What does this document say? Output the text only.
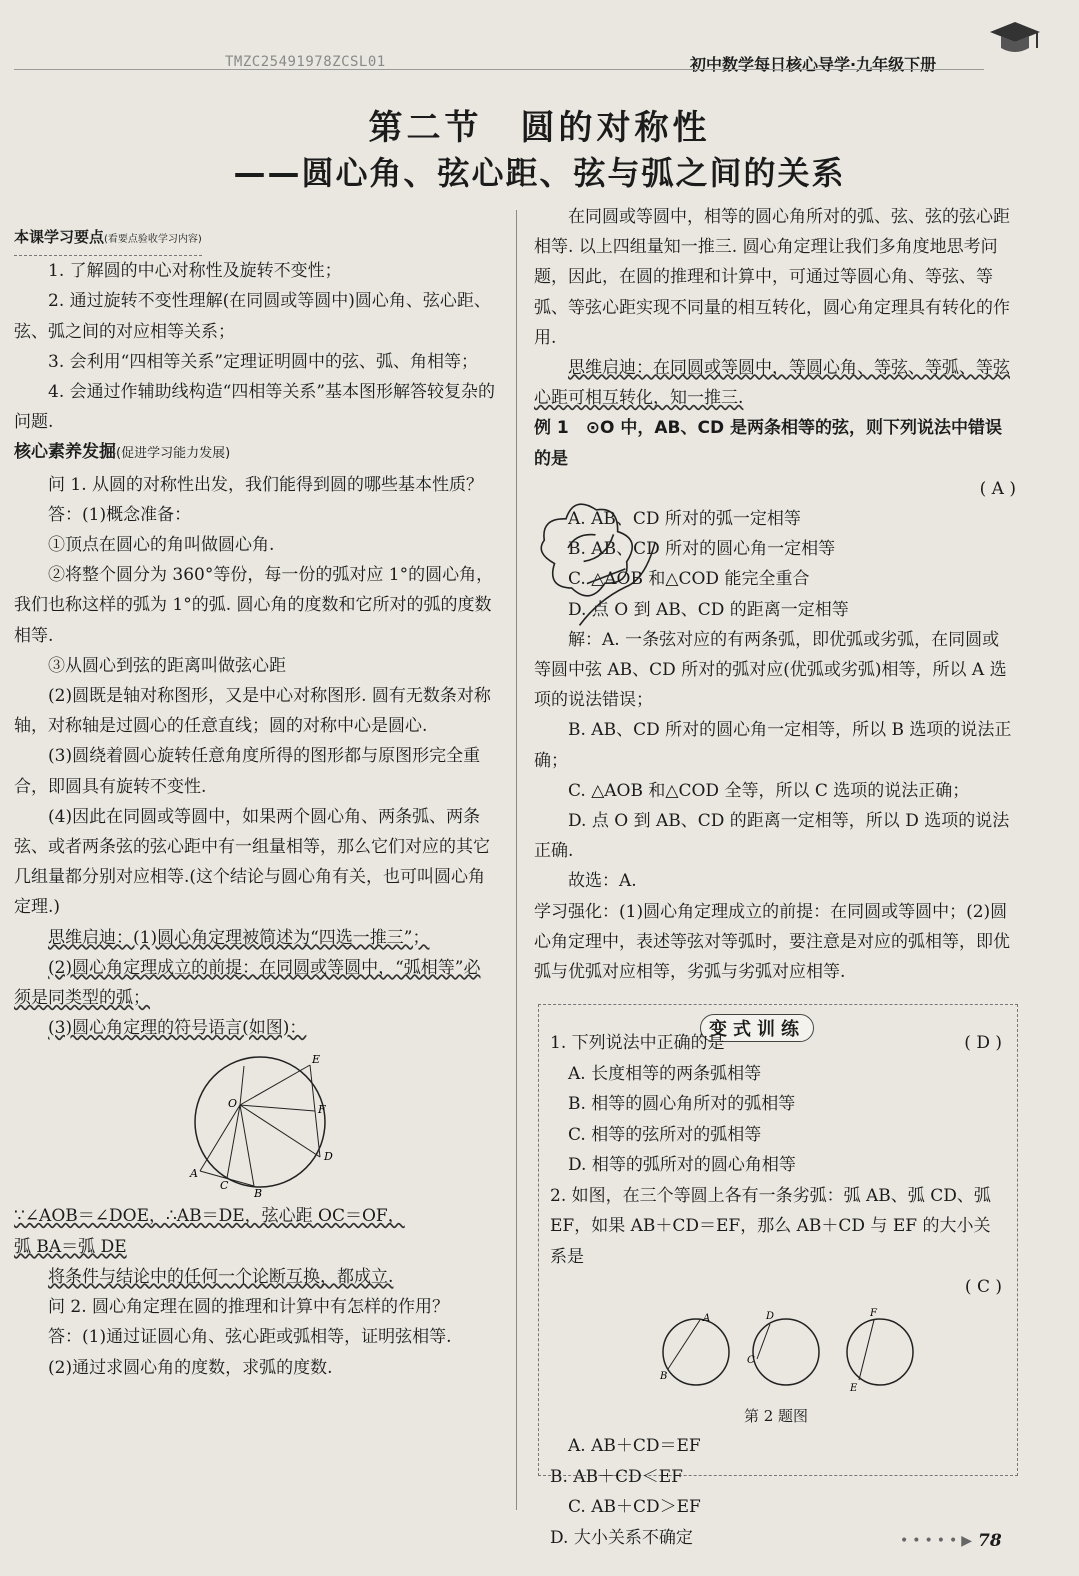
TMZC25491978ZCSL01	初中数学每日核心导学·九年级下册
第二节　圆的对称性
——圆心角、弦心距、弦与弧之间的关系

本课学习要点(看要点验收学习内容)

1. 了解圆的中心对称性及旋转不变性；

2. 通过旋转不变性理解(在同圆或等圆中)圆心角、弦心距、弦、弧之间的对应相等关系；

3. 会利用“四相等关系”定理证明圆中的弦、弧、角相等；

4. 会通过作辅助线构造“四相等关系”基本图形解答较复杂的问题.

核心素养发掘(促进学习能力发展)

问 1. 从圆的对称性出发，我们能得到圆的哪些基本性质？

答：(1)概念准备：

①顶点在圆心的角叫做圆心角.

②将整个圆分为 360°等份，每一份的弧对应 1°的圆心角，我们也称这样的弧为 1°的弧. 圆心角的度数和它所对的弧的度数相等.

③从圆心到弦的距离叫做弦心距

(2)圆既是轴对称图形，又是中心对称图形. 圆有无数条对称轴，对称轴是过圆心的任意直线；圆的对称中心是圆心.

(3)圆绕着圆心旋转任意角度所得的图形都与原图形完全重合，即圆具有旋转不变性.

(4)因此在同圆或等圆中，如果两个圆心角、两条弧、两条弦、或者两条弦的弦心距中有一组量相等，那么它们对应的其它几组量都分别对应相等.(这个结论与圆心角有关，也可叫圆心角定理.)

思维启迪：(1)圆心角定理被简述为“四选一推三”；

(2)圆心角定理成立的前提：在同圆或等圆中，“弧相等”必须是同类型的弧；

(3)圆心角定理的符号语言(如图)：

E
F
O
D
A
C
B

∵∠AOB＝∠DOE，∴AB＝DE，弦心距 OC＝OF，

弧 BA＝弧 DE

将条件与结论中的任何一个论断互换，都成立.

问 2. 圆心角定理在圆的推理和计算中有怎样的作用？

答：(1)通过证圆心角、弦心距或弧相等，证明弦相等.

(2)通过求圆心角的度数，求弧的度数.

在同圆或等圆中，相等的圆心角所对的弧、弦、弦的弦心距相等. 以上四组量知一推三. 圆心角定理让我们多角度地思考问题，因此，在圆的推理和计算中，可通过等圆心角、等弦、等弧、等弦心距实现不同量的相互转化，圆心角定理具有转化的作用.

思维启迪：在同圆或等圆中，等圆心角、等弦、等弧、等弦心距可相互转化，知一推三.

例 1　⊙O 中，AB、CD 是两条相等的弦，则下列说法中错误的是

( A )

A. AB、CD 所对的弧一定相等

B. AB、CD 所对的圆心角一定相等

C. △AOB 和△COD 能完全重合

D. 点 O 到 AB、CD 的距离一定相等

解：A. 一条弦对应的有两条弧，即优弧或劣弧，在同圆或等圆中弦 AB、CD 所对的弧对应(优弧或劣弧)相等，所以 A 选项的说法错误；

B. AB、CD 所对的圆心角一定相等，所以 B 选项的说法正确；

C. △AOB 和△COD 全等，所以 C 选项的说法正确；

D. 点 O 到 AB、CD 的距离一定相等，所以 D 选项的说法正确.

故选：A.

学习强化：(1)圆心角定理成立的前提：在同圆或等圆中；(2)圆心角定理中，表述等弦对等弧时，要注意是对应的弧相等，即优弧与优弧对应相等，劣弧与劣弧对应相等.

变式训练

1. 下列说法中正确的是	( D )

A. 长度相等的两条弧相等

B. 相等的圆心角所对的弧相等

C. 相等的弦所对的弧相等

D. 相等的弧所对的圆心角相等

2. 如图，在三个等圆上各有一条劣弧：弧 AB、弧 CD、弧 EF，如果 AB＋CD＝EF，那么 AB＋CD 与 EF 的大小关系是

( C )

A
B
D
C
F
E

第 2 题图

A. AB＋CD＝EF
B. AB＋CD＜EF
C. AB＋CD＞EF
D. 大小关系不确定	•••••▶ 78
